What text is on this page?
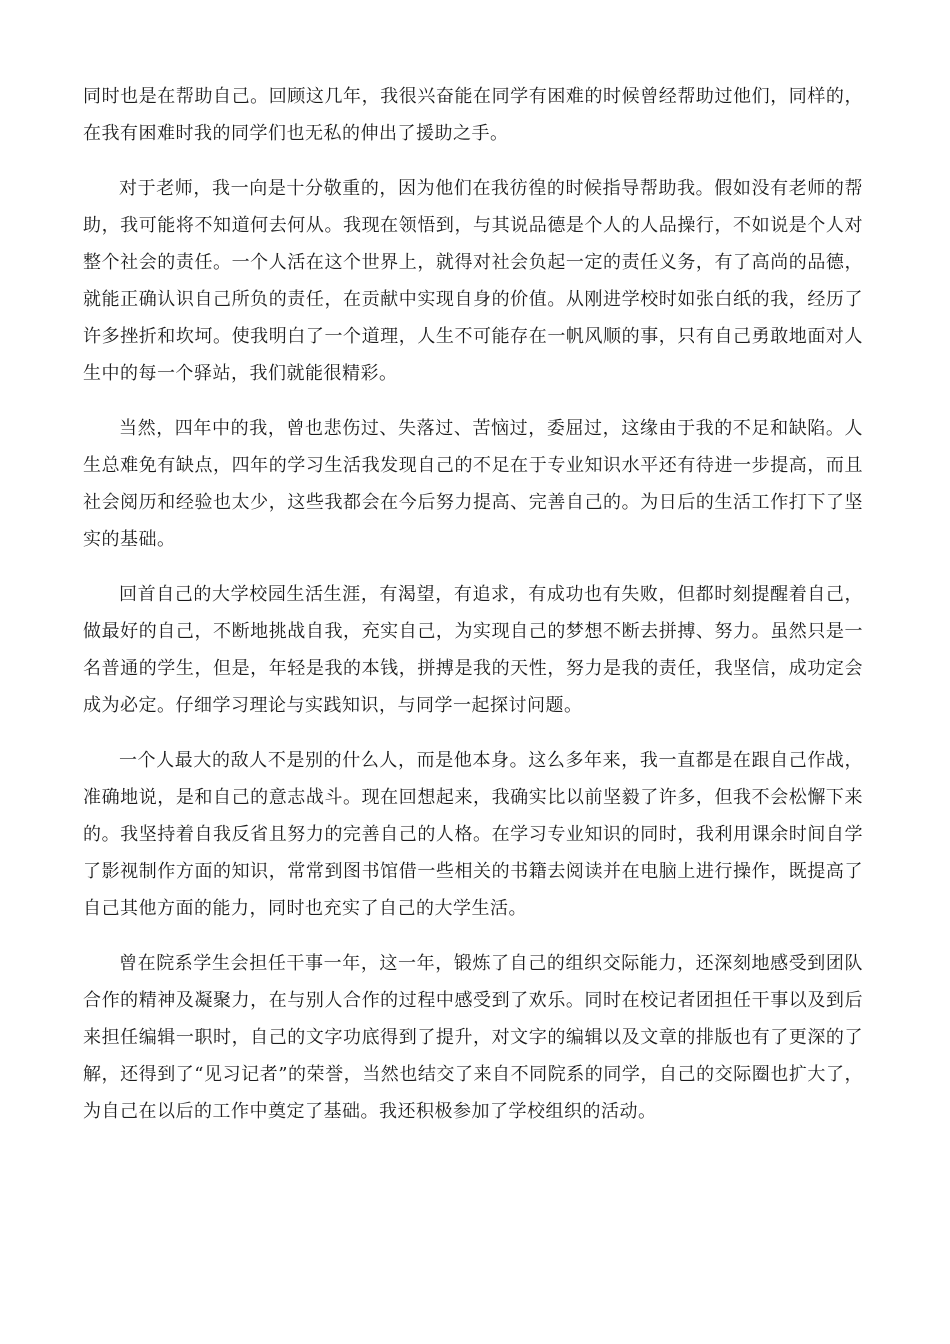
同时也是在帮助自己。回顾这几年，我很兴奋能在同学有困难的时候曾经帮助过他们，同样的，在我有困难时我的同学们也无私的伸出了援助之手。

对于老师，我一向是十分敬重的，因为他们在我彷徨的时候指导帮助我。假如没有老师的帮助，我可能将不知道何去何从。我现在领悟到，与其说品德是个人的人品操行，不如说是个人对整个社会的责任。一个人活在这个世界上，就得对社会负起一定的责任义务，有了高尚的品德，就能正确认识自己所负的责任，在贡献中实现自身的价值。从刚进学校时如张白纸的我，经历了许多挫折和坎坷。使我明白了一个道理，人生不可能存在一帆风顺的事，只有自己勇敢地面对人生中的每一个驿站，我们就能很精彩。

当然，四年中的我，曾也悲伤过、失落过、苦恼过，委屈过，这缘由于我的不足和缺陷。人生总难免有缺点，四年的学习生活我发现自己的不足在于专业知识水平还有待进一步提高，而且社会阅历和经验也太少，这些我都会在今后努力提高、完善自己的。为日后的生活工作打下了坚实的基础。

回首自己的大学校园生活生涯，有渴望，有追求，有成功也有失败，但都时刻提醒着自己，做最好的自己，不断地挑战自我，充实自己，为实现自己的梦想不断去拼搏、努力。虽然只是一名普通的学生，但是，年轻是我的本钱，拼搏是我的天性，努力是我的责任，我坚信，成功定会成为必定。仔细学习理论与实践知识，与同学一起探讨问题。

一个人最大的敌人不是别的什么人，而是他本身。这么多年来，我一直都是在跟自己作战，准确地说，是和自己的意志战斗。现在回想起来，我确实比以前坚毅了许多，但我不会松懈下来的。我坚持着自我反省且努力的完善自己的人格。在学习专业知识的同时，我利用课余时间自学了影视制作方面的知识，常常到图书馆借一些相关的书籍去阅读并在电脑上进行操作，既提高了自己其他方面的能力，同时也充实了自己的大学生活。

曾在院系学生会担任干事一年，这一年，锻炼了自己的组织交际能力，还深刻地感受到团队合作的精神及凝聚力，在与别人合作的过程中感受到了欢乐。同时在校记者团担任干事以及到后来担任编辑一职时，自己的文字功底得到了提升，对文字的编辑以及文章的排版也有了更深的了解，还得到了“见习记者”的荣誉，当然也结交了来自不同院系的同学，自己的交际圈也扩大了，为自己在以后的工作中奠定了基础。我还积极参加了学校组织的活动。
